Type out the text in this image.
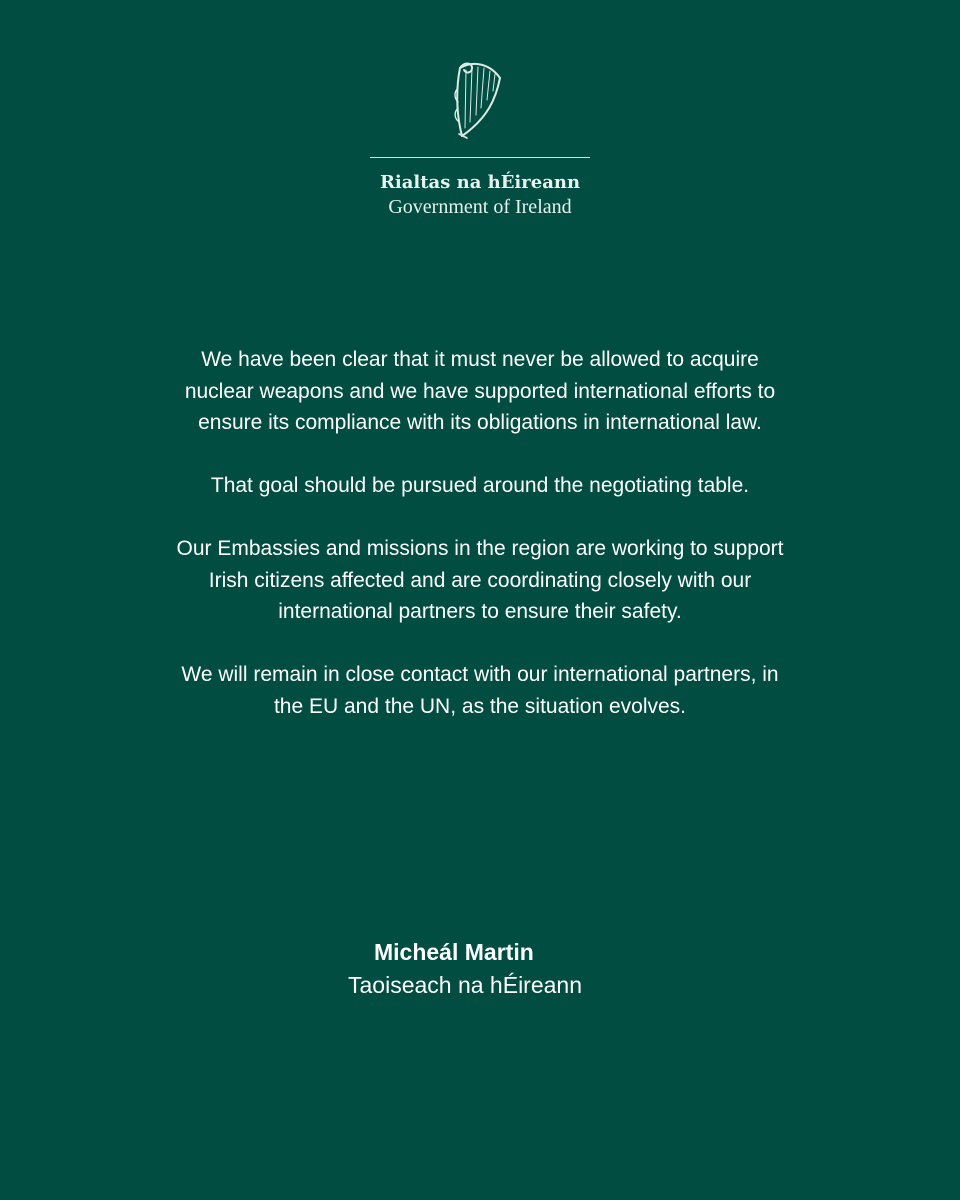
Rialtas na hÉireann
Government of Ireland

We have been clear that it must never be allowed to acquire nuclear weapons and we have supported international efforts to ensure its compliance with its obligations in international law.

That goal should be pursued around the negotiating table.

Our Embassies and missions in the region are working to support Irish citizens affected and are coordinating closely with our international partners to ensure their safety.

We will remain in close contact with our international partners, in the EU and the UN, as the situation evolves.

Micheál Martin
Taoiseach na hÉireann
